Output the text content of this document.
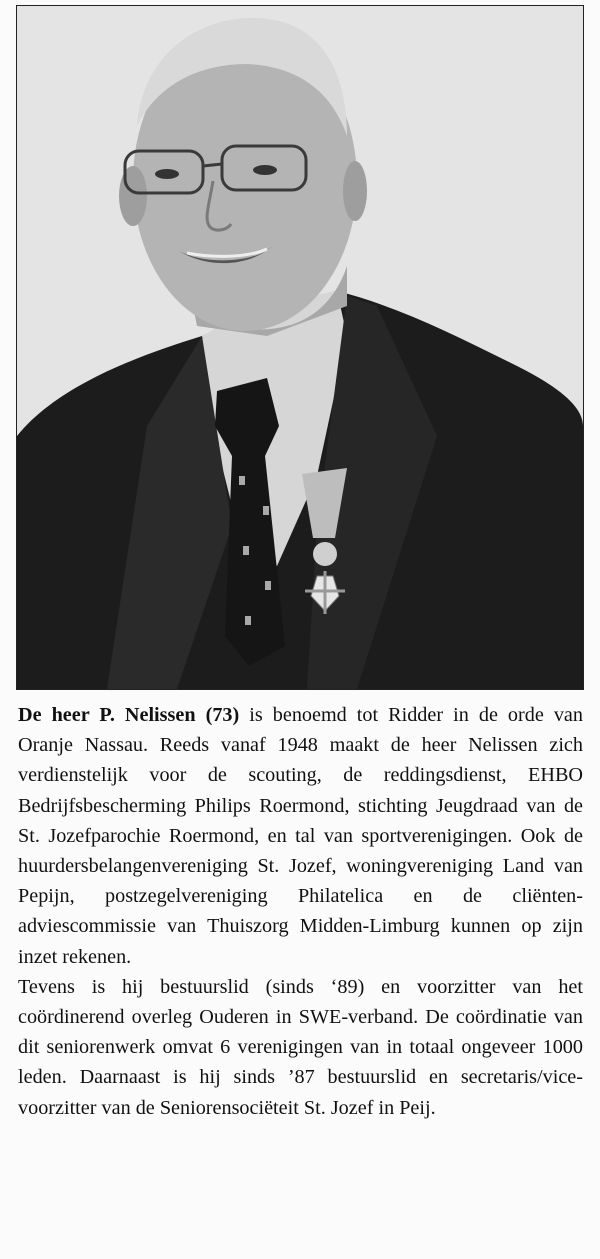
De heer P. Nelissen (73) is benoemd tot Ridder in de orde van Oranje Nassau. Reeds vanaf 1948 maakt de heer Nelissen zich verdienstelijk voor de scouting, de reddingsdienst, EHBO Bedrijfsbescherming Philips Roermond, stichting Jeugdraad van de St. Jozefparochie Roermond, en tal van sportverenigingen. Ook de huurdersbelangenvereniging St. Jozef, woningvereniging Land van Pepijn, postzegelvereniging Philatelica en de cliënten-adviescommissie van Thuiszorg Midden-Limburg kunnen op zijn inzet rekenen.

Tevens is hij bestuurslid (sinds ‘89) en voorzitter van het coördinerend overleg Ouderen in SWE-verband. De coördinatie van dit seniorenwerk omvat 6 verenigingen van in totaal ongeveer 1000 leden. Daarnaast is hij sinds ’87 bestuurslid en secretaris/vice-voorzitter van de Seniorensociëteit St. Jozef in Peij.
